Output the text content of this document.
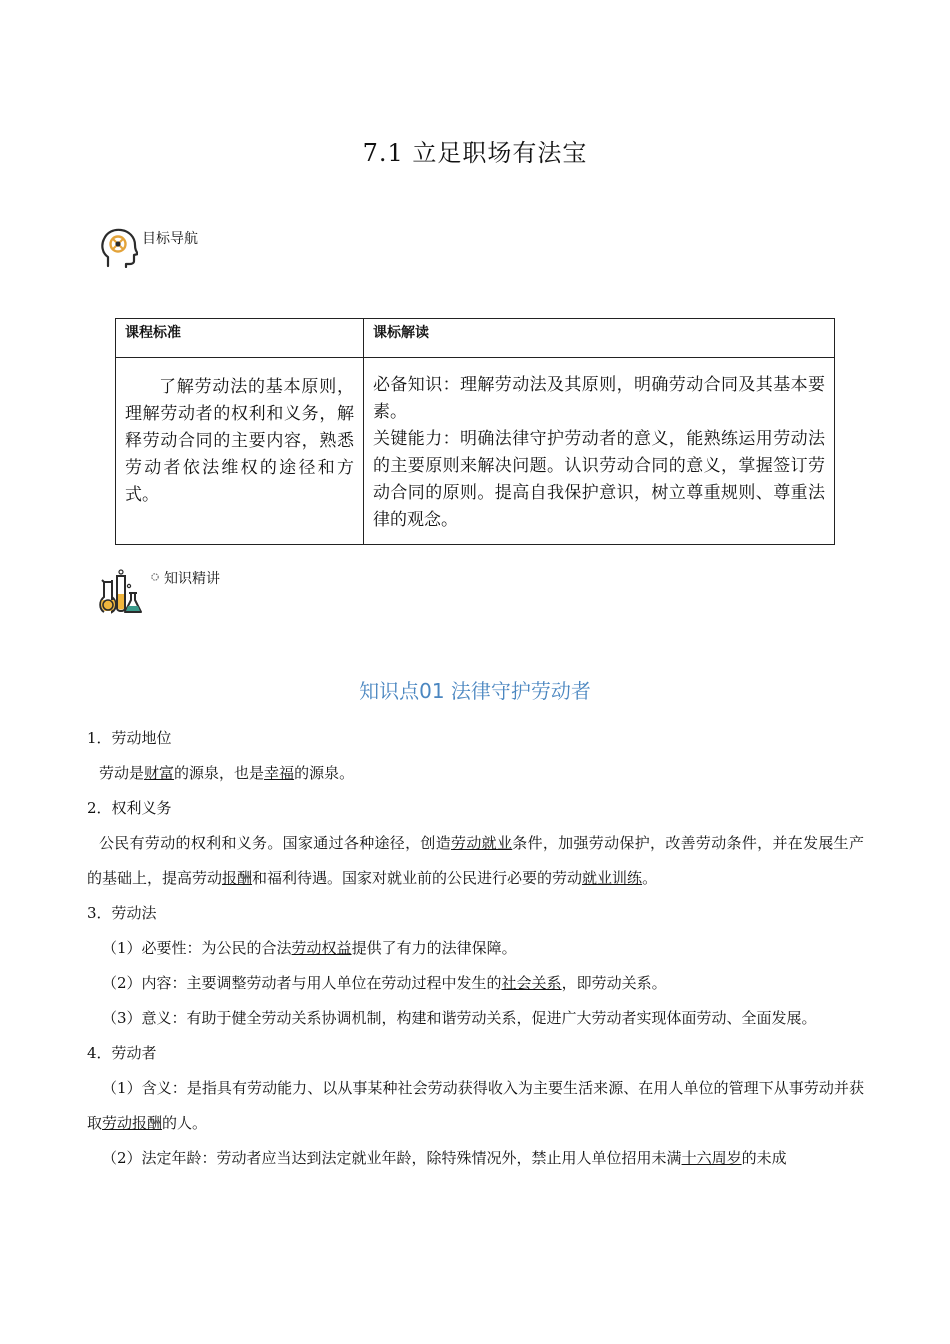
7.1 立足职场有法宝
目标导航
课程标准	课标解读
了解劳动法的基本原则，理解劳动者的权利和义务，解释劳动合同的主要内容，熟悉劳动者依法维权的途径和方式。	必备知识：理解劳动法及其原则，明确劳动合同及其基本要素。
关键能力：明确法律守护劳动者的意义，能熟练运用劳动法的主要原则来解决问题。认识劳动合同的意义，掌握签订劳动合同的原则。提高自我保护意识，树立尊重规则、尊重法律的观念。
知识精讲
知识点01 法律守护劳动者
1．劳动地位
劳动是财富的源泉，也是幸福的源泉。
2．权利义务
公民有劳动的权利和义务。国家通过各种途径，创造劳动就业条件，加强劳动保护，改善劳动条件，并在发展生产的基础上，提高劳动报酬和福利待遇。国家对就业前的公民进行必要的劳动就业训练。
3．劳动法
（1）必要性：为公民的合法劳动权益提供了有力的法律保障。
（2）内容：主要调整劳动者与用人单位在劳动过程中发生的社会关系，即劳动关系。
（3）意义：有助于健全劳动关系协调机制，构建和谐劳动关系，促进广大劳动者实现体面劳动、全面发展。
4．劳动者
（1）含义：是指具有劳动能力、以从事某种社会劳动获得收入为主要生活来源、在用人单位的管理下从事劳动并获取劳动报酬的人。
（2）法定年龄：劳动者应当达到法定就业年龄，除特殊情况外，禁止用人单位招用未满十六周岁的未成
